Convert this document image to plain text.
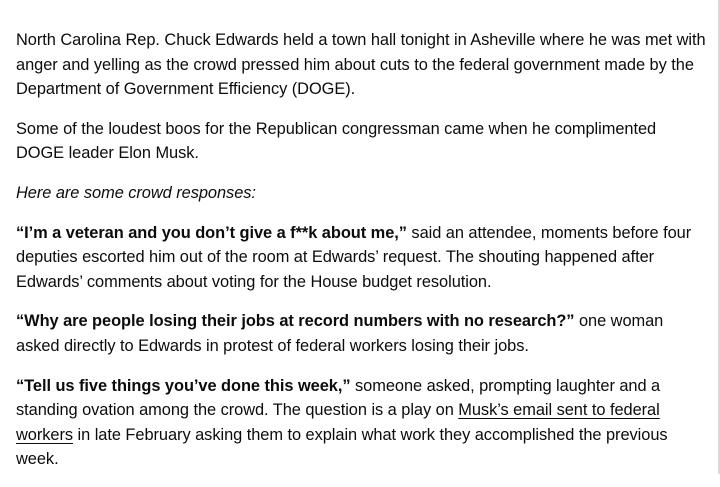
North Carolina Rep. Chuck Edwards held a town hall tonight in Asheville where he was met with anger and yelling as the crowd pressed him about cuts to the federal government made by the Department of Government Efficiency (DOGE).

Some of the loudest boos for the Republican congressman came when he complimented DOGE leader Elon Musk.

Here are some crowd responses:

“I’m a veteran and you don’t give a f**k about me,” said an attendee, moments before four deputies escorted him out of the room at Edwards’ request. The shouting happened after Edwards’ comments about voting for the House budget resolution.

“Why are people losing their jobs at record numbers with no research?” one woman asked directly to Edwards in protest of federal workers losing their jobs.

“Tell us five things you’ve done this week,” someone asked, prompting laughter and a standing ovation among the crowd. The question is a play on Musk’s email sent to federal workers in late February asking them to explain what work they accomplished the previous week.
